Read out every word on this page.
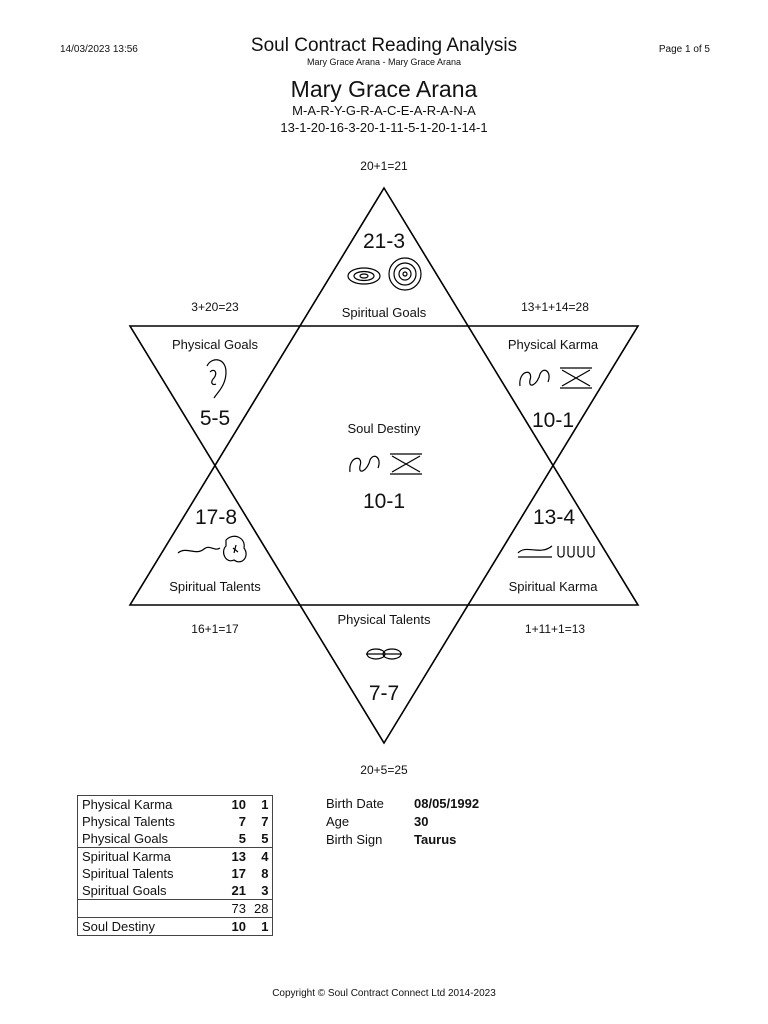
14/03/2023 13:56	Soul Contract Reading Analysis	Page 1 of 5
Mary Grace Arana - Mary Grace Arana
Mary Grace Arana
M-A-R-Y-G-R-A-C-E-A-R-A-N-A
13-1-20-16-3-20-1-11-5-1-20-1-14-1
20+1=21
3+20=23	13+1+14=28
16+1=17	1+11+1=13
20+5=25
21-3
Spiritual Goals
Physical Goals
5-5
Physical Karma
10-1
Soul Destiny
10-1
17-8
Spiritual Talents
13-4
Spiritual Karma
Physical Talents
7-7
Physical Karma	10	1
Physical Talents	7	7
Physical Goals	5	5
Spiritual Karma	13	4
Spiritual Talents	17	8
Spiritual Goals	21	3
	73	28
Soul Destiny	10	1
Birth Date 08/05/1992
Age	30
Birth Sign Taurus
Copyright © Soul Contract Connect Ltd 2014-2023
